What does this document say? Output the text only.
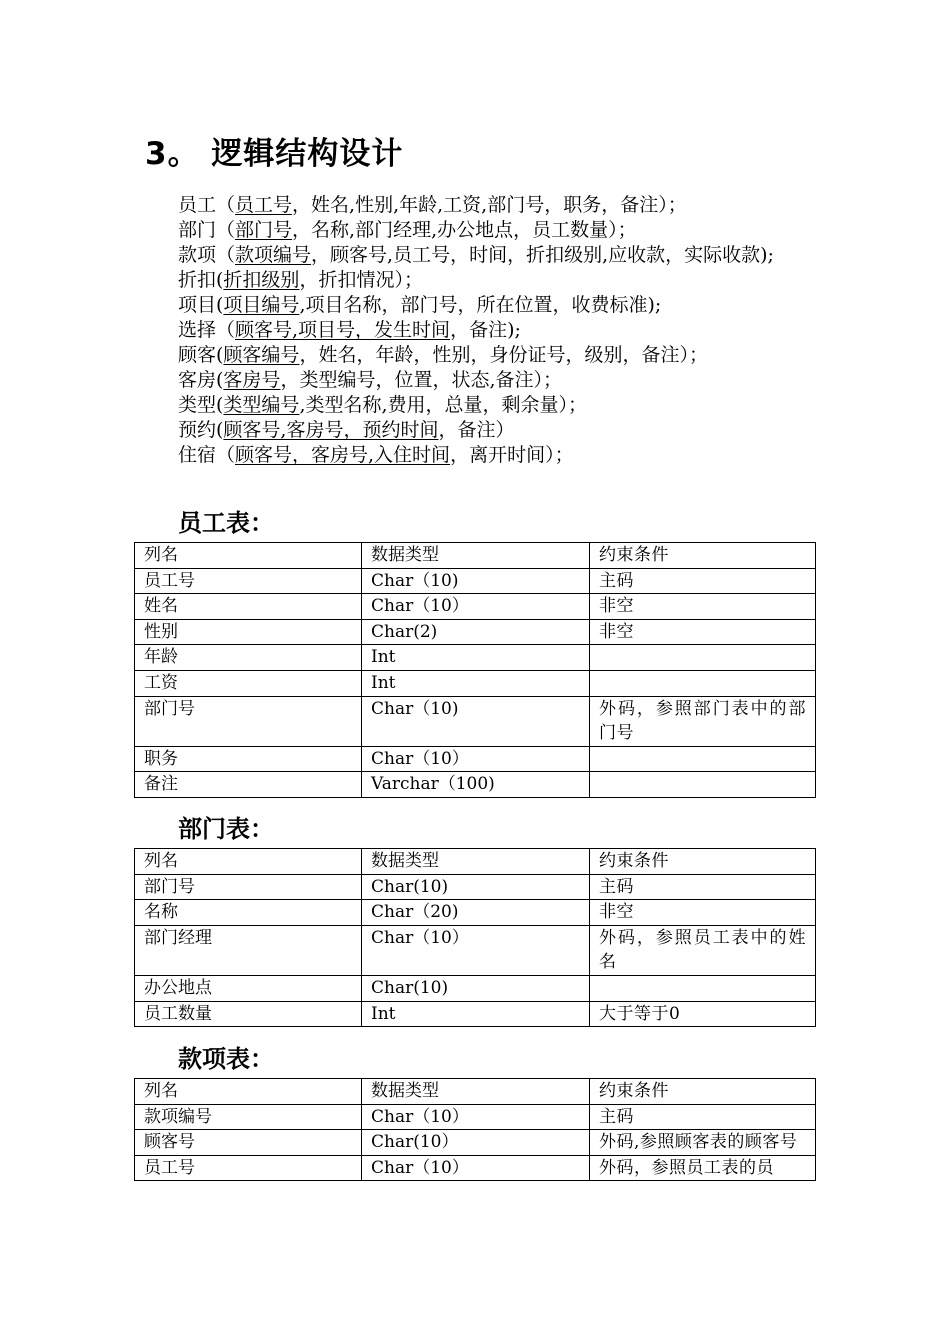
3。 逻辑结构设计

员工（员工号，姓名,性别,年龄,工资,部门号，职务，备注）；

部门（部门号，名称,部门经理,办公地点，员工数量）；

款项（款项编号，顾客号,员工号，时间，折扣级别,应收款，实际收款);

折扣(折扣级别，折扣情况）；

项目(项目编号,项目名称，部门号，所在位置，收费标准);

选择（顾客号,项目号，发生时间，备注);

顾客(顾客编号，姓名，年龄，性别，身份证号，级别，备注）；

客房(客房号，类型编号，位置，状态,备注）；

类型(类型编号,类型名称,费用，总量，剩余量）；

预约(顾客号,客房号，预约时间，备注）

住宿（顾客号，客房号,入住时间，离开时间）；

员工表：
列名	数据类型	约束条件
员工号	Char（10)	主码
姓名	Char（10）	非空
性别	Char(2)	非空
年龄	Int	
工资	Int	
部门号	Char（10)	外码，参照部门表中的部门号
职务	Char（10）	
备注	Varchar（100)	
部门表：
列名	数据类型	约束条件
部门号	Char(10)	主码
名称	Char（20)	非空
部门经理	Char（10）	外码，参照员工表中的姓名
办公地点	Char(10)	
员工数量	Int	大于等于0
款项表：
列名	数据类型	约束条件
款项编号	Char（10）	主码
顾客号	Char(10）	外码,参照顾客表的顾客号
员工号	Char（10）	外码，参照员工表的员
